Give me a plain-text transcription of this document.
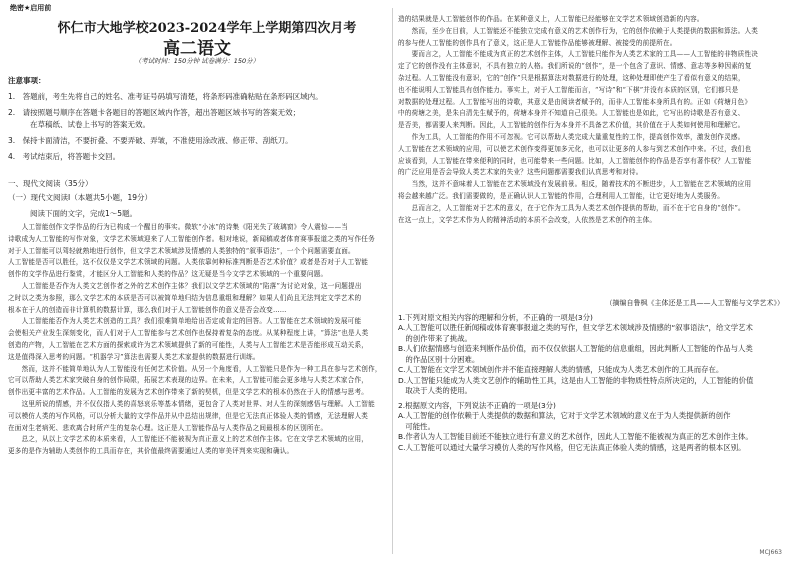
绝密★启用前
怀仁市大地学校2023-2024学年上学期第四次月考
高二语文
（考试时间：150分钟 试卷满分：150分）
注意事项：
1.　答题前，考生先将自己的姓名、准考证号码填写清楚，将条形码准确粘贴在条形码区域内。
2.　请按照题号顺序在答题卡各题目的答题区域内作答，超出答题区域书写的答案无效；
在草稿纸、试卷上书写的答案无效。
3.　保持卡面清洁，不要折叠、不要弄破、弄皱，不准使用涂改液、修正带、刮纸刀。
4.　考试结束后，将答题卡交回。
一、现代文阅读（35分）
（一）现代文阅读Ⅰ（本题共5小题，19分）
阅读下面的文字，完成1～5题。
　　人工智能创作文学作品的行为已构成一个醒目的事实。微软“小冰”的诗集《阳光失了玻璃窗》令人震惊——当
诗歌成为人工智能的写作对象，文学艺术领域迎来了人工智能创作者。相对地说，新闻稿或者体育赛事报道之类的写作任务
对于人工智能可以驾轻就熟地进行创作，但文学艺术领域涉及情感的人类独特的“叙事语法”，一个个问题需要直面。
人工智能是否可以胜任，这不仅仅是文学艺术领域的问题。人类依靠何种标准判断是否艺术价值？或者是否对于人工智能
创作的文学作品进行鉴赏，才能区分人工智能和人类的作品？这无疑是当今文学艺术领域的一个重要问题。
　　人工智能是否作为人类文艺创作者之外的艺术创作主体？我们以文学艺术领域的“陷落”为讨论对象，这一问题提出
之时以之类为参照，那么文学艺术的本质是否可以被简单地归结为信息重组和理解？如果人们尚且无法判定文学艺术的
根本在于人的创造而非计算机的数据计算，那么我们对于人工智能创作的意义是否会改变……
　　人工智能能否作为人类艺术创造的工具？我们很难简单地给出否定或肯定的回答。人工智能在艺术领域的发展可能
会使相关产业发生深刻变化，而人们对于人工智能参与艺术创作也保持着复杂的态度。从某种程度上讲，“算法”也是人类
创造的产物，人工智能在艺术方面的探索或许为艺术领域提供了新的可能性，人类与人工智能艺术是否能形成互动关系，
这是值得深入思考的问题。“机器学习”算法也需要人类艺术家提供的数据进行训练。
　　然而，这并不能简单地认为人工智能没有任何艺术价值。从另一个角度看，人工智能只是作为一种工具在参与艺术创作，
它可以帮助人类艺术家突破自身的创作局限，拓展艺术表现的边界。在未来，人工智能可能会更多地与人类艺术家合作，
创作出更丰富的艺术作品。人工智能的发展为艺术创作带来了新的契机，但是文学艺术的根本仍然在于人的情感与思考。
　　这里所说的情感，并不仅仅指人类的喜怒哀乐等基本情绪，更包含了人类对世界、对人生的深刻感悟与理解。人工智能
可以模仿人类的写作风格，可以分析大量的文学作品并从中总结出规律，但是它无法真正体验人类的情感，无法理解人类
在面对生老病死、悲欢离合时所产生的复杂心理。这正是人工智能作品与人类作品之间最根本的区别所在。
　　总之，从以上文学艺术的本质来看，人工智能还不能被视为真正意义上的艺术创作主体。它在文学艺术领域的应用，
更多的是作为辅助人类创作的工具而存在，其价值最终需要通过人类的审美评判来实现和确认。
造的结果就是人工智能创作的作品。在某种意义上，人工智能已经能够在文学艺术领域创造新的内容。
　　然而，至少在目前，人工智能还不能独立完成有意义的艺术创作行为，它的创作依赖于人类提供的数据和算法。人类
的参与使人工智能的创作具有了意义，这正是人工智能作品能够被理解、被接受的前提所在。
　　要而言之，人工智能不能成为真正的艺术创作主体，人工智能只能作为人类艺术家的工具——人工智能的非物质性决
定了它的创作没有主体意识，不具有独立的人格。我们所说的“创作”，是一个包含了意识、情感、意志等多种因素的复
杂过程。人工智能没有意识，它的“创作”只是根据算法对数据进行的处理，这种处理即使产生了看似有意义的结果，
也不能说明人工智能具有创作能力。事实上，对于人工智能而言，“写诗”和“下棋”并没有本质的区别，它们都只是
对数据的处理过程。人工智能写出的诗歌，其意义是由阅读者赋予的，而非人工智能本身所具有的。正如《荷塘月色》
中的荷塘之美，是朱自清先生赋予的，荷塘本身并不知道自己很美。人工智能也是如此，它写出的诗歌是否有意义、
是否美，都需要人来判断。因此，人工智能的创作行为本身并不具备艺术价值，其价值在于人类如何使用和理解它。
　　作为工具，人工智能的作用不可忽视。它可以帮助人类完成大量重复性的工作，提高创作效率，激发创作灵感。
人工智能在艺术领域的应用，可以使艺术创作变得更加多元化，也可以让更多的人参与到艺术创作中来。不过，我们也
应该看到，人工智能在带来便利的同时，也可能带来一些问题。比如，人工智能创作的作品是否享有著作权？人工智能
的广泛应用是否会导致人类艺术家的失业？这些问题都需要我们认真思考和对待。
　　当然，这并不意味着人工智能在艺术领域没有发展前景。相反，随着技术的不断进步，人工智能在艺术领域的应用
将会越来越广泛。我们需要做的，是正确认识人工智能的作用，合理利用人工智能，让它更好地为人类服务。
　　总而言之，人工智能对于艺术的意义，在于它作为工具为人类艺术创作提供的帮助，而不在于它自身的“创作”。
在这一点上，文学艺术作为人的精神活动的本质不会改变，人依然是艺术创作的主体。
（摘编自鲁枫《主体还是工具——人工智能与文学艺术》）
1.下列对原文相关内容的理解和分析，不正确的一项是(3分)
A.人工智能可以胜任新闻稿或体育赛事报道之类的写作，但文学艺术领域涉及情感的“叙事语法”，给文学艺术
　的创作带来了挑战。
B.人们依据情感与创造来判断作品价值，而不仅仅依据人工智能的信息重组，因此判断人工智能的作品与人类
　的作品区别十分困难。
C.人工智能在文学艺术领域创作并不能直接理解人类的情感，只能成为人类艺术创作的工具而存在。
D.人工智能只能成为人类文艺创作的辅助性工具，这是由人工智能的非物质性特点所决定的，人工智能的价值
　取决于人类的使用。
2.根据原文内容，下列说法不正确的一项是(3分)
A.人工智能的创作依赖于人类提供的数据和算法，它对于文学艺术领域的意义在于为人类提供新的创作
　可能性。
B.作者认为人工智能目前还不能独立进行有意义的艺术创作，因此人工智能不能被视为真正的艺术创作主体。
C.人工智能可以通过大量学习模仿人类的写作风格，但它无法真正体验人类的情感，这是两者的根本区别。
MCJ663
